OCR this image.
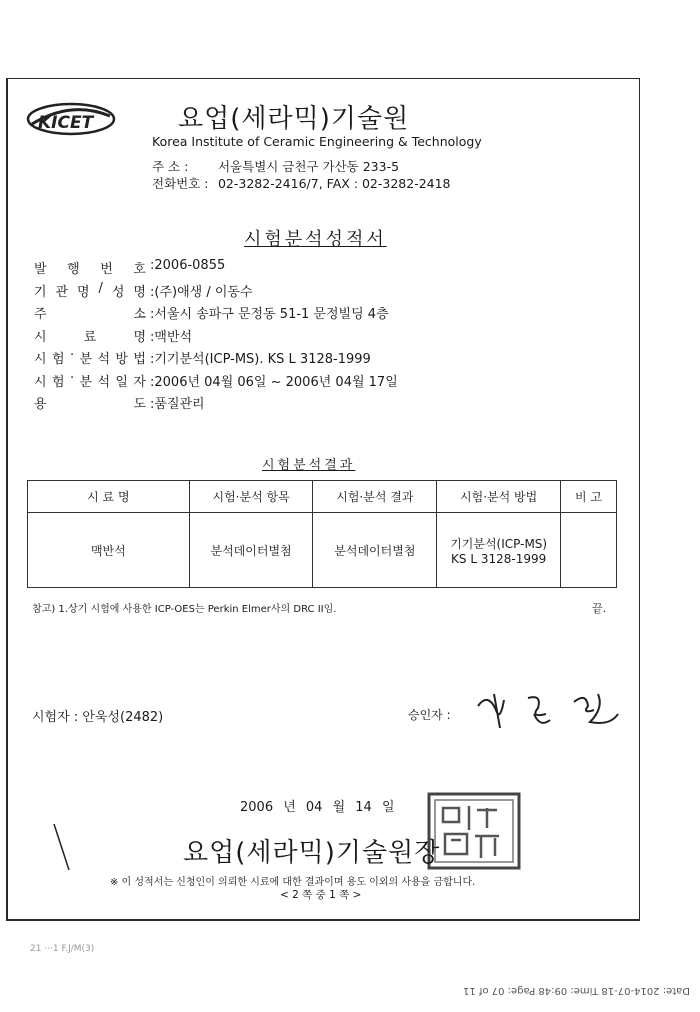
KICET	요업(세라믹)기술원
Korea Institute of Ceramic Engineering & Technology
주 소 : 서울특별시 금천구 가산동 233-5
전화번호 : 02-3282-2416/7, FAX : 02-3282-2418
시험분석성적서
발 행 번 호 :2006-0855
기 관 명 / 성 명 :(주)애생 / 이동수
주	소 :서울시 송파구 문정동 51-1 문정빌딩 4층
시	료	명 :맥반석
시 험 · 분 석 방 법 :기기분석(ICP-MS). KS L 3128-1999
시 험 · 분 석 일 자 :2006년 04월 06일 ~ 2006년 04월 17일
용	도 :품질관리
시험분석결과
시 료 명	시험·분석 항목	시험·분석 결과	시험·분석 방법	비 고
맥반석	분석데이터별첨	분석데이터별첨	기기분석(ICP-MS)
KS L 3128-1999	

참고) 1.상기 시험에 사용한 ICP-OES는 Perkin Elmer사의 DRC II임.	끝.
시험자 : 안욱성(2482)	승인자 :
2006 년 04 월 14 일
요업(세라믹)기술원장
※ 이 성적서는 신청인이 의뢰한 시료에 대한 결과이며 용도 이외의 사용을 금합니다.
< 2 쪽 중 1 쪽 >
21 ···1 F.J/M(3)
Date: 2014-07-18 Time: 09:48 Page: 07 of 11
